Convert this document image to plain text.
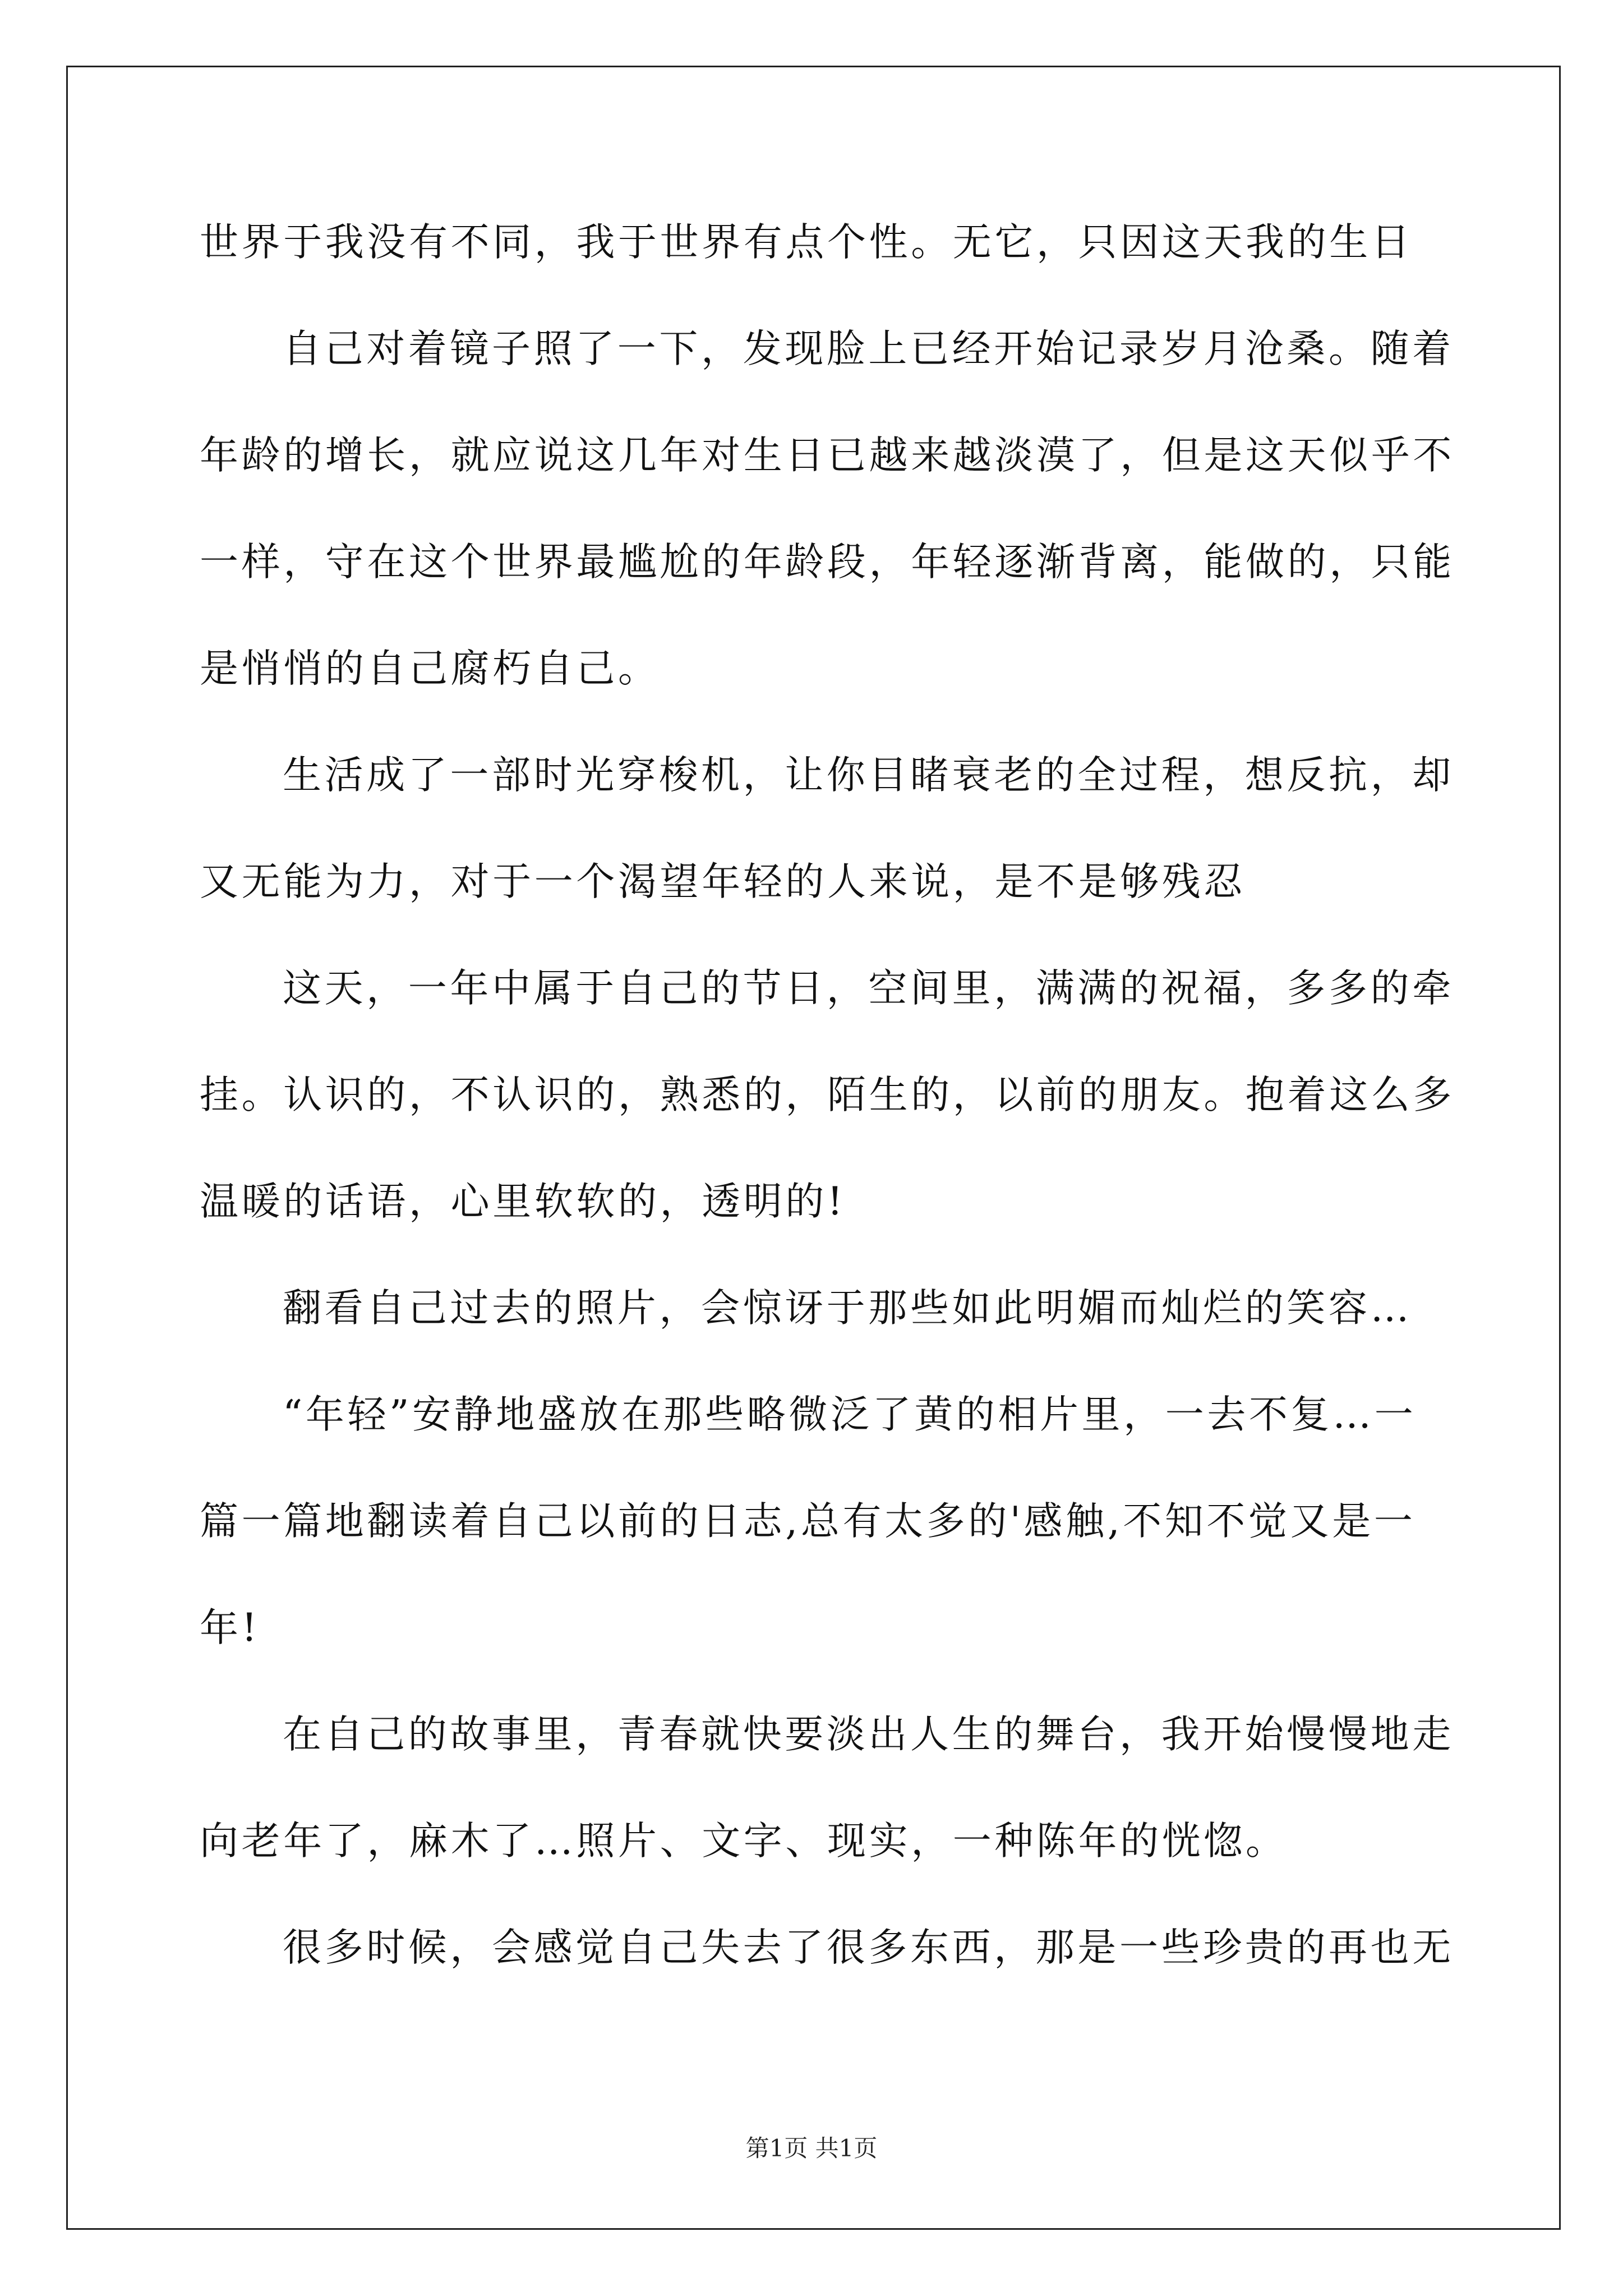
世界于我没有不同，我于世界有点个性。无它，只因这天我的生日
自己对着镜子照了一下，发现脸上已经开始记录岁月沧桑。随着
年龄的增长，就应说这几年对生日已越来越淡漠了，但是这天似乎不
一样，守在这个世界最尴尬的年龄段，年轻逐渐背离，能做的，只能
是悄悄的自己腐朽自己。
生活成了一部时光穿梭机，让你目睹衰老的全过程，想反抗，却
又无能为力，对于一个渴望年轻的人来说，是不是够残忍
这天，一年中属于自己的节日，空间里，满满的祝福，多多的牵
挂。认识的，不认识的，熟悉的，陌生的，以前的朋友。抱着这么多
温暖的话语，心里软软的，透明的!
翻看自己过去的照片，会惊讶于那些如此明媚而灿烂的笑容…
“年轻”安静地盛放在那些略微泛了黄的相片里，一去不复…一
篇一篇地翻读着自己以前的日志,总有太多的'感触,不知不觉又是一
年!
在自己的故事里，青春就快要淡出人生的舞台，我开始慢慢地走
向老年了，麻木了…照片、文字、现实，一种陈年的恍惚。
很多时候，会感觉自己失去了很多东西，那是一些珍贵的再也无
第1页 共1页
